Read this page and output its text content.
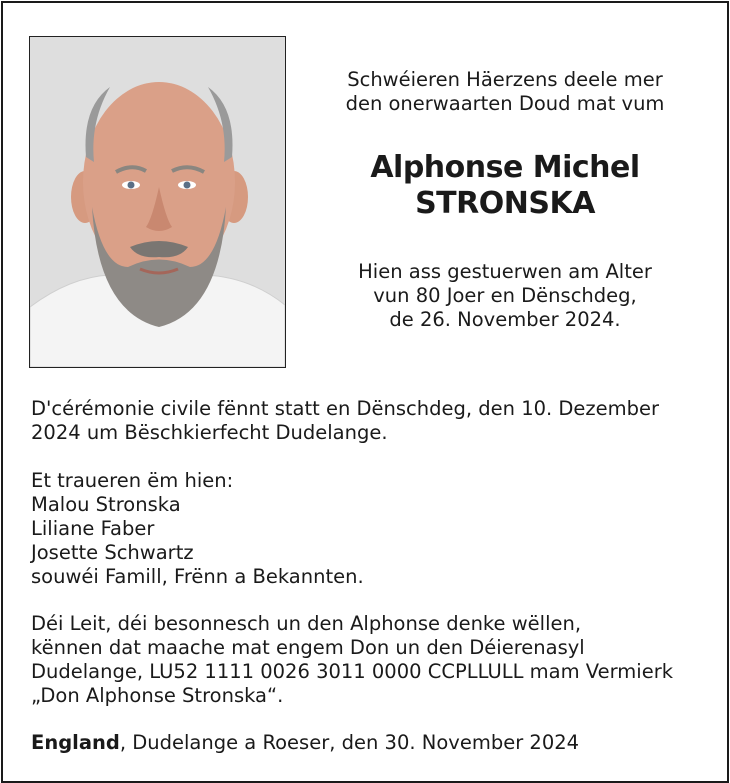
Schwéieren Häerzens deele mer
den onerwaarten Doud mat vum
Alphonse Michel
STRONSKA
Hien ass gestuerwen am Alter
vun 80 Joer en Dënschdeg,
de 26. November 2024.
D'cérémonie civile fënnt statt en Dënschdeg, den 10. Dezember
2024 um Bëschkierfecht Dudelange.
Et traueren ëm hien:
Malou Stronska
Liliane Faber
Josette Schwartz
souwéi Famill, Frënn a Bekannten.
Déi Leit, déi besonnesch un den Alphonse denke wëllen,
kënnen dat maache mat engem Don un den Déierenasyl
Dudelange, LU52 1111 0026 3011 0000 CCPLLULL mam Vermierk
„Don Alphonse Stronska“.
England, Dudelange a Roeser, den 30. November 2024
